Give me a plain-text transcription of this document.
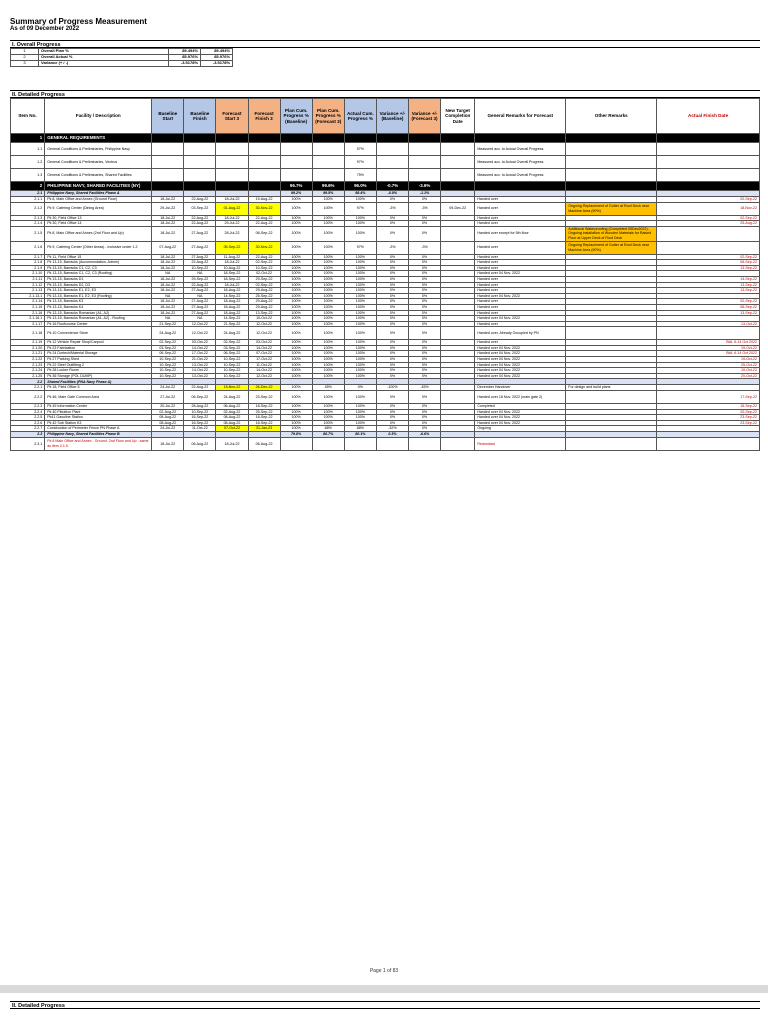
Summary of Progress Measurement
As of 09 December 2022
I. Overall Progress
1	Overall Plan %	89.494%	89.494%	
2	Overall Actual %	85.976%	85.976%	
3	Variance (+ / -)	-3.5178%	-3.5178%	
II. Detailed Progress
Item No.	Facility / Description	Baseline Start	Baseline Finish	Forecast Start 3	Forecast Finish 3	Plan Cum. Progress % (Baseline)	Plan Cum. Progress % (Forecast 3)	Actual Cum. Progress %	Variance +/- (Baseline)	Variance +/- (Forecast 3)	New Target Completion Date	General Remarks for Forecast	Other Remarks	Actual Finish Date
1	GENERAL REQUIREMENTS													
1.1	General Conditions & Preliminaries, Philippine Navy							97%				Measured acc. to Actual Overall Progress		
1.2	General Conditions & Preliminaries, Vectrus							97%				Measured acc. to Actual Overall Progress		
1.3	General Conditions & Preliminaries, Shared Facilities							75%				Measured acc. to Actual Overall Progress		
2	PHILIPPINE NAVY, SHARED FACILITIES (NY)					96.7%	99.6%	96.0%	-0.7%	-3.6%				
2.1	Philippine Navy, Shared Facilities Phase A					99.2%	99.5%	98.4%	-0.8%	-1.1%				
2.1.1	Pk 8, Main Office and Annex (Ground Floor)	18-Jul-22	22-Aug-22	18-Jul-22	19-Aug-22	100%	100%	100%	0%	0%		Handed over		02-Sep-22
2.1.2	Pk 9, Catering Center (Dining Area)	29-Jul-22	03-Sep-22	01-Aug-22	30-Nov-22	100%	100%	97%	-3%	-3%	09-Dec-22	Handed over	Ongoing Replacement of Gutter at Roof Deck near Machine Area (90%)	18-Nov-22
2.1.3	Pk 30, Field Office 13	18-Jul-22	22-Aug-22	18-Jul-22	22-Aug-22	100%	100%	100%	0%	0%		Handed over		02-Sep-22
2.1.4	Pk 30, Field Office 14	18-Jul-22	22-Aug-22	29-Jul-22	22-Aug-22	100%	100%	100%	0%	0%		Handed over		25-Aug-22
2.1.5	Pk 8, Main Office and Annex (2nd Floor and Up)	18-Jul-22	27-Aug-22	28-Jul-22	06-Sep-22	100%	100%	100%	0%	0%		Handed over except for 5th floor	Additional Waterproofing (Completed 05Dec2022), Ongoing installation of Wooden Materials for Raised Floor at Upper Deck of Roof Deck	
2.1.6	Pk 9, Catering Center (Other Areas) - inclusive under 1.2	07-Aug-22	27-Aug-22	05-Sep-22	30-Nov-22	100%	100%	97%	-3%	-3%		Handed over	Ongoing Replacement of Gutter at Roof Deck near Machine Area (90%)	
2.1.7	Pk 11, Field Office 15	18-Jul-22	27-Aug-22	11-Aug-22	22-Aug-22	100%	100%	100%	0%	0%		Handed over		02-Sep-22
2.1.8	Pk 13-15, Barracks (Accommodation, Admin)	18-Jul-22	22-Aug-22	18-Jul-22	02-Sep-22	100%	100%	100%	0%	0%		Handed over		06-Sep-22
2.1.9	Pk 13-15, Barracks C1, C2, C3	18-Jul-22	10-Sep-22	10-Aug-22	10-Sep-22	100%	100%	100%	0%	0%		Handed over		13-Sep-22
2.1.10	Pk 13-15, Barracks C1, C2, C3 (Roofing)	NA	NA	18-Sep-22	02-Oct-22	100%	100%	100%	0%	0%		Handed over 04 Nov. 2022		
2.1.11	Pk 13-15, Barracks D1	18-Jul-22	29-Sep-22	18-Sep-22	29-Sep-22	100%	100%	100%	0%	0%		Handed over		14-Sep-22
2.1.12	Pk 13-15, Barracks D2, D3	18-Jul-22	22-Aug-22	18-Jul-22	02-Sep-22	100%	100%	100%	0%	0%		Handed over		13-Sep-22
2.1.13	Pk 13-15, Barracks E1, E2, E3	18-Jul-22	27-Aug-22	18-Aug-22	29-Aug-22	100%	100%	100%	0%	0%		Handed over		13-Sep-22
2.1.13.1	Pk 13-15, Barracks E1, E2, E3 (Roofing)	NA	NA	14-Sep-22	25-Sep-22	100%	100%	100%	0%	0%		Handed over 04 Nov. 2022		
2.1.14	Pk 13-15, Barracks K3	18-Jul-22	27-Aug-22	18-Aug-22	29-Aug-22	100%	100%	100%	0%	0%		Handed over		02-Sep-22
2.1.15	Pk 13-15, Barracks K4	18-Jul-22	27-Aug-22	18-Aug-22	29-Aug-22	100%	100%	100%	0%	0%		Handed over		06-Sep-22
2.1.16	Pk 13-15, Barracks Romanian (A1, A2)	18-Jul-22	27-Aug-22	18-Aug-22	13-Sep-22	100%	100%	100%	0%	0%		Handed over		13-Sep-22
2.1.16.1	Pk 13-15, Barracks Romanian (A1, A2) - Roofing	NA	NA	14-Sep-22	10-Oct-22	100%	100%	100%	0%	0%		Handed over 04 Nov. 2022		
2.1.17	Pk 16 Roofcourse Center	21-Sep-22	12-Oct-22	21-Sep-22	12-Oct-22	100%	100%	100%	0%	0%		Handed over		13-Oct-22
2.1.18	Pk 10 Convenience Store	24-Aug-22	12-Oct-22	24-Aug-22	12-Oct-22	100%	100%	100%	0%	0%		Handed over. Already Occupied by PN		
2.1.19	Pk 12 Vehicle Repair Shop/Carpool	02-Sep-22	03-Oct-22	02-Sep-22	03-Oct-22	100%	100%	100%	0%	0%		Handed over		Bldl. 6-14 Oct 2022
2.1.20	Pk 23 Fabrication	03-Sep-22	14-Oct-22	03-Sep-22	14-Oct-22	100%	100%	100%	0%	0%		Handed over 04 Nov. 2022		19-Oct-22
2.1.21	Pk 24 Dortech/Material Storage	06-Sep-22	17-Oct-22	06-Sep-22	07-Oct-22	100%	100%	100%	0%	0%		Handed over 04 Nov. 2022		Bldl. 6-14 Oct 2022
2.1.22	Pk 27 Parking Shed	10-Sep-22	21-Oct-22	10-Sep-22	17-Oct-22	100%	100%	100%	0%	0%		Handed over 04 Nov. 2022		19-Oct-22
2.1.23	Pk 22 Steel Outfitting 2	10-Sep-22	13-Oct-22	10-Sep-22	11-Oct-22	100%	100%	100%	0%	0%		Handed over 04 Nov. 2022		25-Oct-22
2.1.24	Pk 28 Locker Room	10-Sep-22	14-Oct-22	10-Sep-22	14-Oct-22	100%	100%	100%	0%	0%		Handed over 04 Nov. 2022		19-Oct-22
2.1.25	Pk 36 Storage (POL DUMP)	10-Sep-22	13-Oct-22	10-Sep-22	12-Oct-22	100%	100%	100%	0%	0%		Handed over 04 Nov. 2022		20-Oct-22
2.2	Shared Facilities (PNA Navy Phase A)													
2.2.1	Pk 18, Field Office 5	24-Jul-22	22-Aug-22	15-Nov-22	26-Dec-22	100%	45%	0%	-100%	-45%		December Handover	For design and build plans	
2.2.2	Pk 46, Main Gate Common Area	27-Jul-22	06-Sep-22	24-Aug-22	23-Sep-22	100%	100%	100%	0%	0%		Handed over 18 Nov. 2022 (main gate 2)		17-Sep-22
2.2.3	Pk 49 Information Center	20-Jul-22	28-Aug-22	06-Aug-22	18-Sep-22	100%	100%	100%	0%	0%		Completed		16-Sep-22
2.2.4	Pk 40 Filtration Plant	02-Aug-22	10-Sep-22	02-Aug-22	25-Sep-22	100%	100%	100%	0%	0%		Handed over 04 Nov. 2022		20-Sep-22
2.2.5	Pk41 Gasoline Station	08-Aug-22	16-Sep-22	08-Aug-22	16-Sep-22	100%	100%	100%	0%	0%		Handed over 04 Nov. 2022		23-Sep-22
2.2.6	Pk 42 Sub Station K3	08-Aug-22	16-Sep-22	08-Aug-22	16-Sep-22	100%	100%	100%	0%	0%		Handed over 04 Nov. 2022		23-Sep-22
2.2.7	Construction of Perimeter Fence PN Phase A	24-Jul-22	11-Oct-22	07-Oct-22	31-Jan-23	100%	68%	68%	-32%	0%		Ongoing		
2.3	Philippine Navy, Shared Facilities Phase B					79.8%	86.7%	80.1%	0.3%	-6.6%				
2.3.1	Pk 8 Main Office and Annex - Ground, 2nd Floor and Up - same as item 2.1.5	18-Jul-22	06-Aug-22	18-Jul-22	06-Aug-22							Redundant		
Page 1 of 83
II. Detailed Progress
